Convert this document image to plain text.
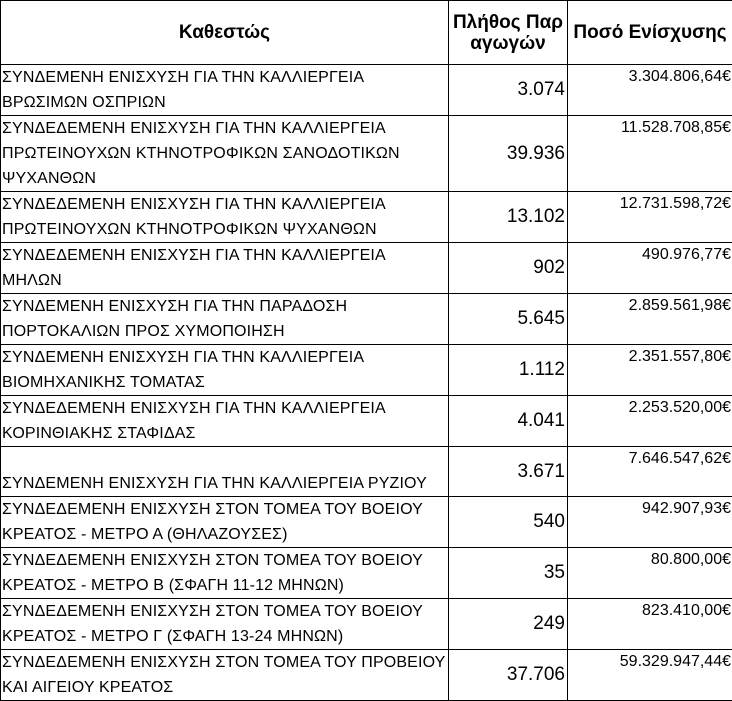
Καθεστώς	Πλήθος Παραγωγών	Ποσό Ενίσχυσης
ΣΥΝΔΕΜΕΝΗ ΕΝΙΣΧΥΣΗ ΓΙΑ ΤΗΝ ΚΑΛΛΙΕΡΓΕΙΑ ΒΡΩΣΙΜΩΝ ΟΣΠΡΙΩΝ	3.074	3.304.806,64€
ΣΥΝΔΕΔΕΜΕΝΗ ΕΝΙΣΧΥΣΗ ΓΙΑ ΤΗΝ ΚΑΛΛΙΕΡΓΕΙΑ ΠΡΩΤΕΙΝΟΥΧΩΝ ΚΤΗΝΟΤΡΟΦΙΚΩΝ ΣΑΝΟΔΟΤΙΚΩΝ ΨΥΧΑΝΘΩΝ	39.936	11.528.708,85€
ΣΥΝΔΕΔΕΜΕΝΗ ΕΝΙΣΧΥΣΗ ΓΙΑ ΤΗΝ ΚΑΛΛΙΕΡΓΕΙΑ ΠΡΩΤΕΙΝΟΥΧΩΝ ΚΤΗΝΟΤΡΟΦΙΚΩΝ ΨΥΧΑΝΘΩΝ	13.102	12.731.598,72€
ΣΥΝΔΕΔΕΜΕΝΗ ΕΝΙΣΧΥΣΗ ΓΙΑ ΤΗΝ ΚΑΛΛΙΕΡΓΕΙΑ ΜΗΛΩΝ	902	490.976,77€
ΣΥΝΔΕΜΕΝΗ ΕΝΙΣΧΥΣΗ ΓΙΑ ΤΗΝ ΠΑΡΑΔΟΣΗ ΠΟΡΤΟΚΑΛΙΩΝ ΠΡΟΣ ΧΥΜΟΠΟΙΗΣΗ	5.645	2.859.561,98€
ΣΥΝΔΕΜΕΝΗ ΕΝΙΣΧΥΣΗ ΓΙΑ ΤΗΝ ΚΑΛΛΙΕΡΓΕΙΑ ΒΙΟΜΗΧΑΝΙΚΗΣ ΤΟΜΑΤΑΣ	1.112	2.351.557,80€
ΣΥΝΔΕΔΕΜΕΝΗ ΕΝΙΣΧΥΣΗ ΓΙΑ ΤΗΝ ΚΑΛΛΙΕΡΓΕΙΑ ΚΟΡΙΝΘΙΑΚΗΣ ΣΤΑΦΙΔΑΣ	4.041	2.253.520,00€
ΣΥΝΔΕΜΕΝΗ ΕΝΙΣΧΥΣΗ ΓΙΑ ΤΗΝ ΚΑΛΛΙΕΡΓΕΙΑ ΡΥΖΙΟΥ	3.671	7.646.547,62€
ΣΥΝΔΕΔΕΜΕΝΗ ΕΝΙΣΧΥΣΗ ΣΤΟΝ ΤΟΜΕΑ ΤΟΥ ΒΟΕΙΟΥ ΚΡΕΑΤΟΣ - ΜΕΤΡΟ Α (ΘΗΛΑΖΟΥΣΕΣ)	540	942.907,93€
ΣΥΝΔΕΔΕΜΕΝΗ ΕΝΙΣΧΥΣΗ ΣΤΟΝ ΤΟΜΕΑ ΤΟΥ ΒΟΕΙΟΥ ΚΡΕΑΤΟΣ - ΜΕΤΡΟ Β (ΣΦΑΓΗ 11-12 ΜΗΝΩΝ)	35	80.800,00€
ΣΥΝΔΕΔΕΜΕΝΗ ΕΝΙΣΧΥΣΗ ΣΤΟΝ ΤΟΜΕΑ ΤΟΥ ΒΟΕΙΟΥ ΚΡΕΑΤΟΣ - ΜΕΤΡΟ Γ (ΣΦΑΓΗ 13-24 ΜΗΝΩΝ)	249	823.410,00€
ΣΥΝΔΕΔΕΜΕΝΗ ΕΝΙΣΧΥΣΗ ΣΤΟΝ ΤΟΜΕΑ ΤΟΥ ΠΡΟΒΕΙΟΥ ΚΑΙ ΑΙΓΕΙΟΥ ΚΡΕΑΤΟΣ	37.706	59.329.947,44€
